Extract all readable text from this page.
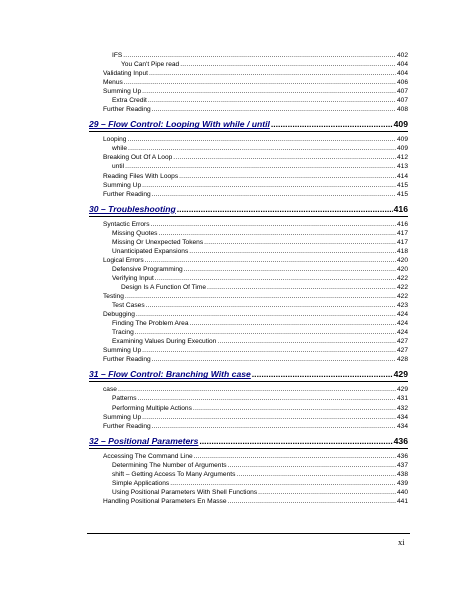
IFS .....	402
You Can't Pipe read .....	404
Validating Input .....	404
Menus .....	406
Summing Up .....	407
Extra Credit .....	407
Further Reading .....	408
29 – Flow Control: Looping With while / until .....	409
Looping .....	409
while .....	409
Breaking Out Of A Loop .....	412
until .....	413
Reading Files With Loops .....	414
Summing Up .....	415
Further Reading .....	415
30 – Troubleshooting .....	416
Syntactic Errors .....	416
Missing Quotes .....	417
Missing Or Unexpected Tokens .....	417
Unanticipated Expansions .....	418
Logical Errors .....	420
Defensive Programming .....	420
Verifying Input .....	422
Design Is A Function Of Time .....	422
Testing .....	422
Test Cases .....	423
Debugging .....	424
Finding The Problem Area .....	424
Tracing .....	424
Examining Values During Execution .....	427
Summing Up .....	427
Further Reading .....	428
31 – Flow Control: Branching With case .....	429
case .....	429
Patterns .....	431
Performing Multiple Actions .....	432
Summing Up .....	434
Further Reading .....	434
32 – Positional Parameters .....	436
Accessing The Command Line .....	436
Determining The Number of Arguments .....	437
shift – Getting Access To Many Arguments .....	438
Simple Applications .....	439
Using Positional Parameters With Shell Functions .....	440
Handling Positional Parameters En Masse .....	441
xi
